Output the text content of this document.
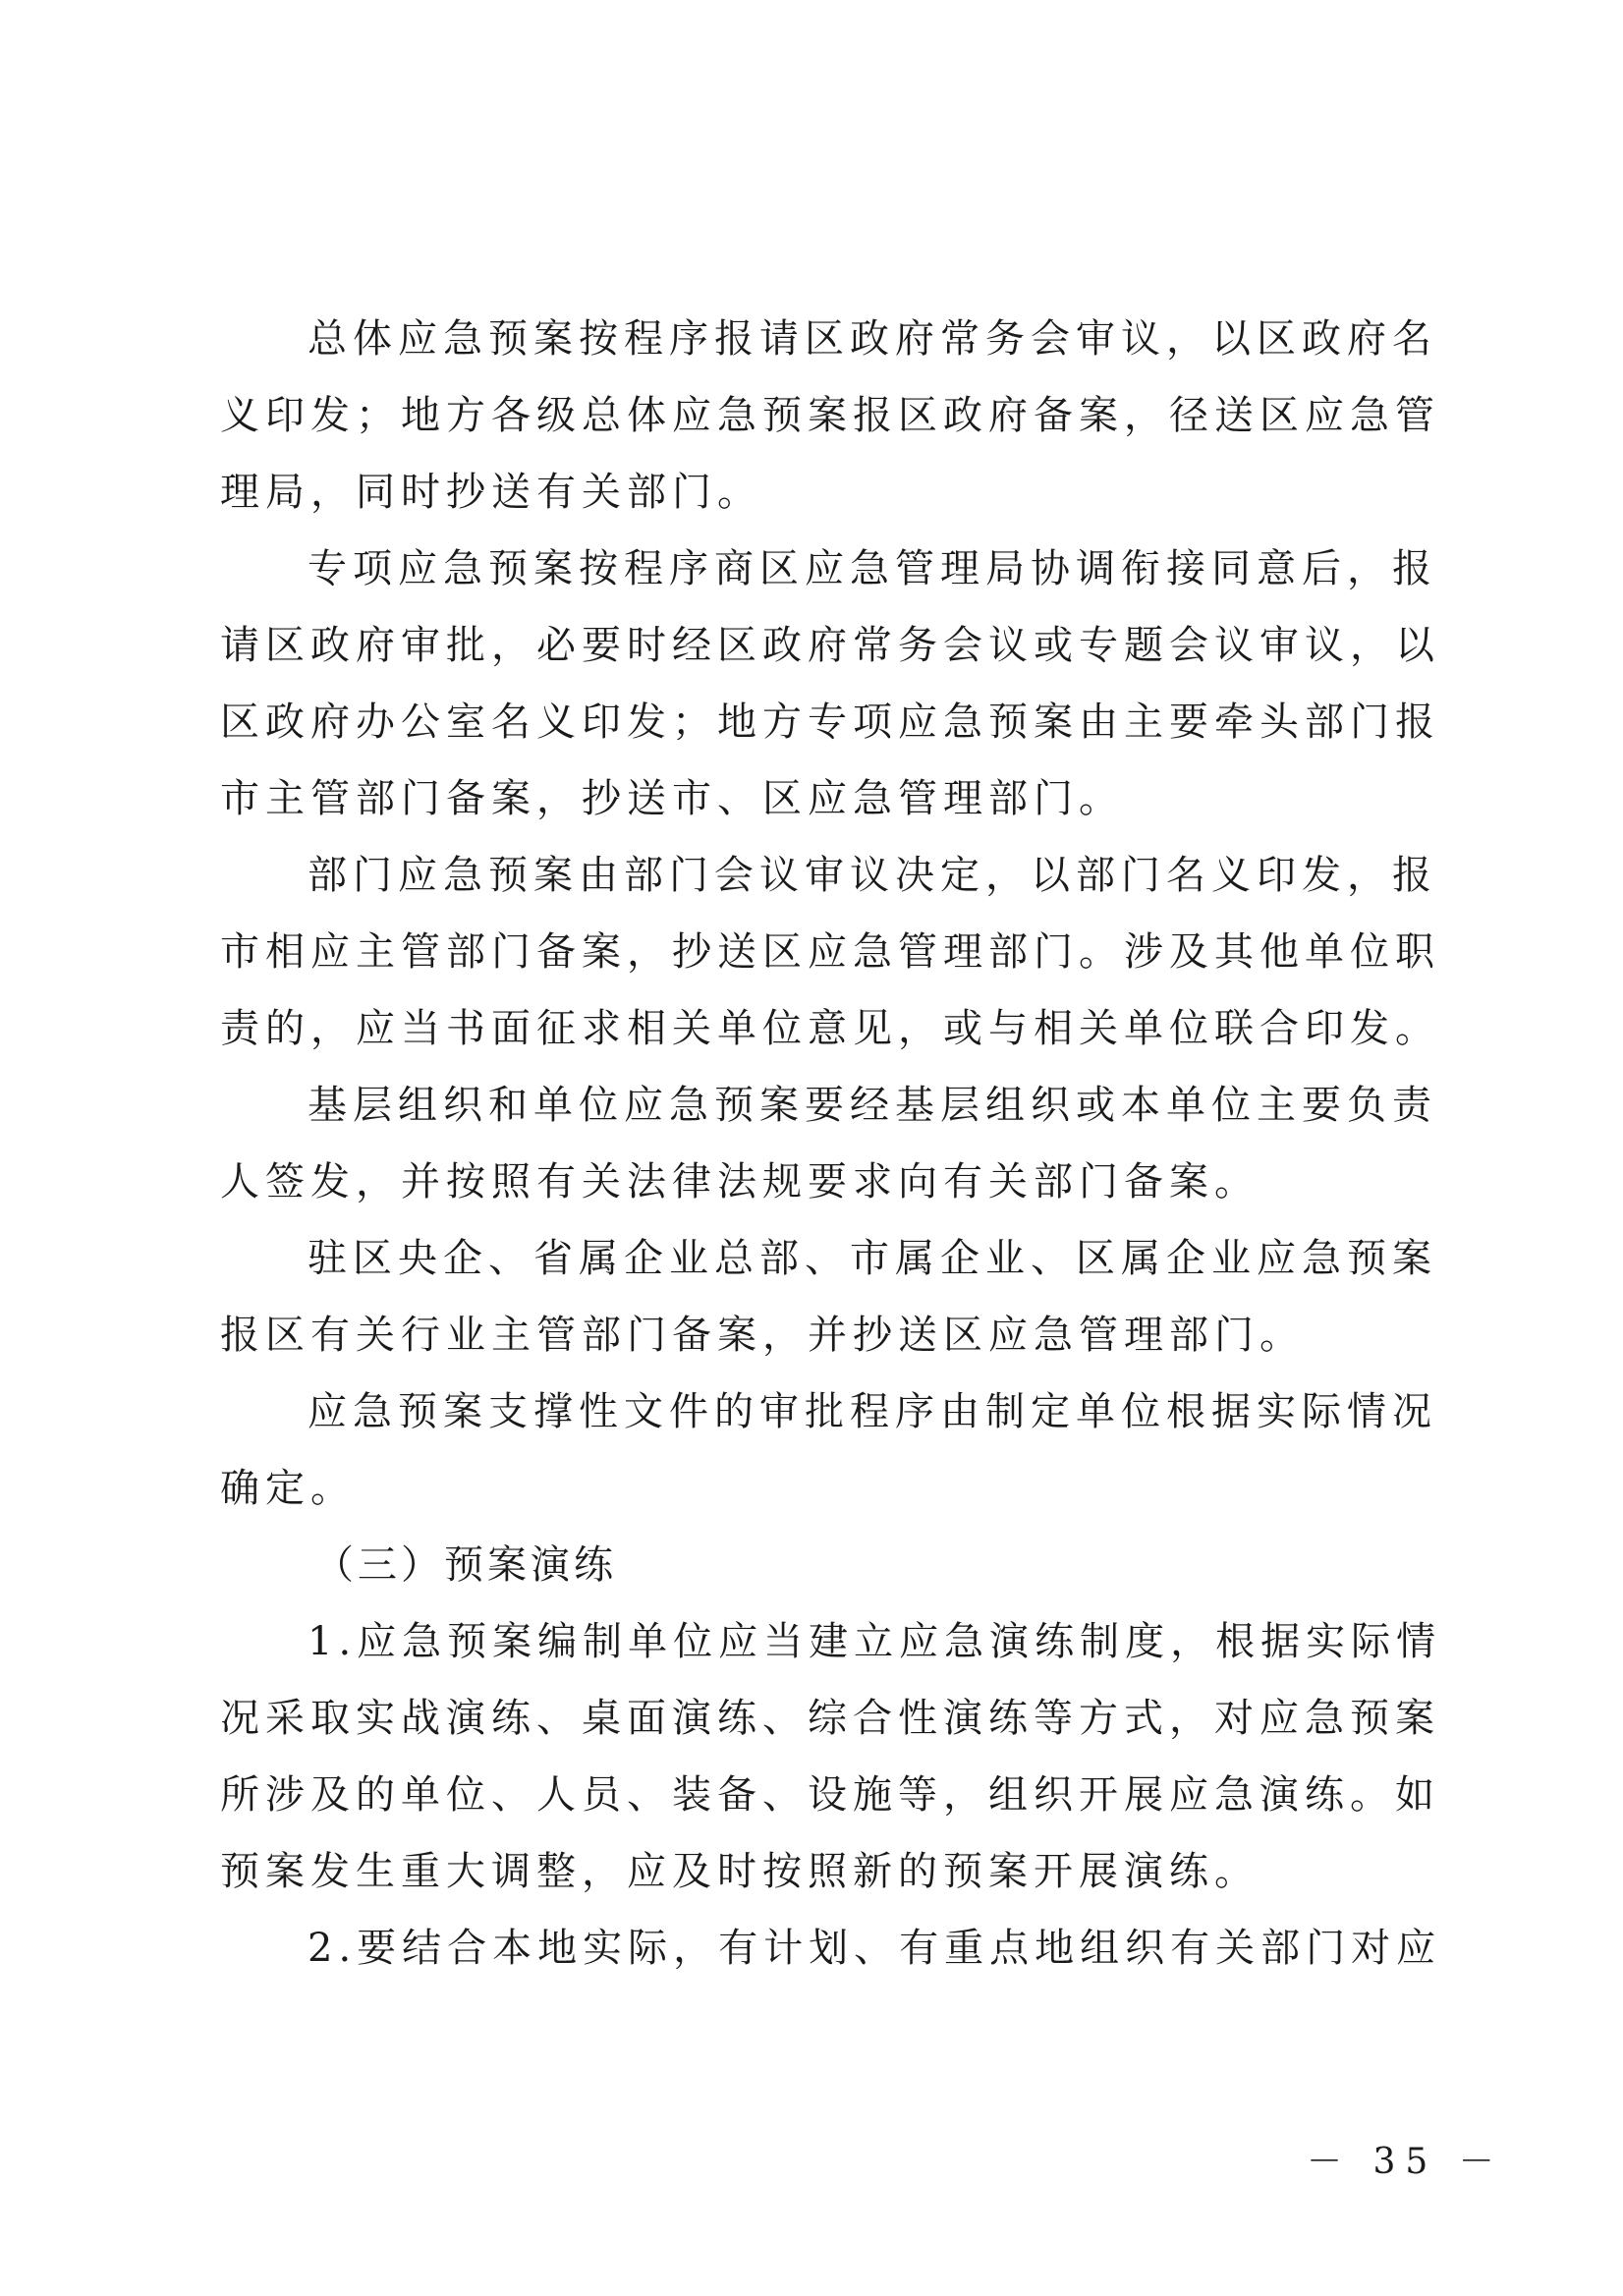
总体应急预案按程序报请区政府常务会审议，以区政府名
义印发；地方各级总体应急预案报区政府备案，径送区应急管
理局，同时抄送有关部门。
专项应急预案按程序商区应急管理局协调衔接同意后，报
请区政府审批，必要时经区政府常务会议或专题会议审议，以
区政府办公室名义印发；地方专项应急预案由主要牵头部门报
市主管部门备案，抄送市、区应急管理部门。
部门应急预案由部门会议审议决定，以部门名义印发，报
市相应主管部门备案，抄送区应急管理部门。涉及其他单位职
责的，应当书面征求相关单位意见，或与相关单位联合印发。
基层组织和单位应急预案要经基层组织或本单位主要负责
人签发，并按照有关法律法规要求向有关部门备案。
驻区央企、省属企业总部、市属企业、区属企业应急预案
报区有关行业主管部门备案，并抄送区应急管理部门。
应急预案支撑性文件的审批程序由制定单位根据实际情况
确定。
（三）预案演练
1.应急预案编制单位应当建立应急演练制度，根据实际情
况采取实战演练、桌面演练、综合性演练等方式，对应急预案
所涉及的单位、人员、装备、设施等，组织开展应急演练。如
预案发生重大调整，应及时按照新的预案开展演练。
2.要结合本地实际，有计划、有重点地组织有关部门对应
－ 35 －
